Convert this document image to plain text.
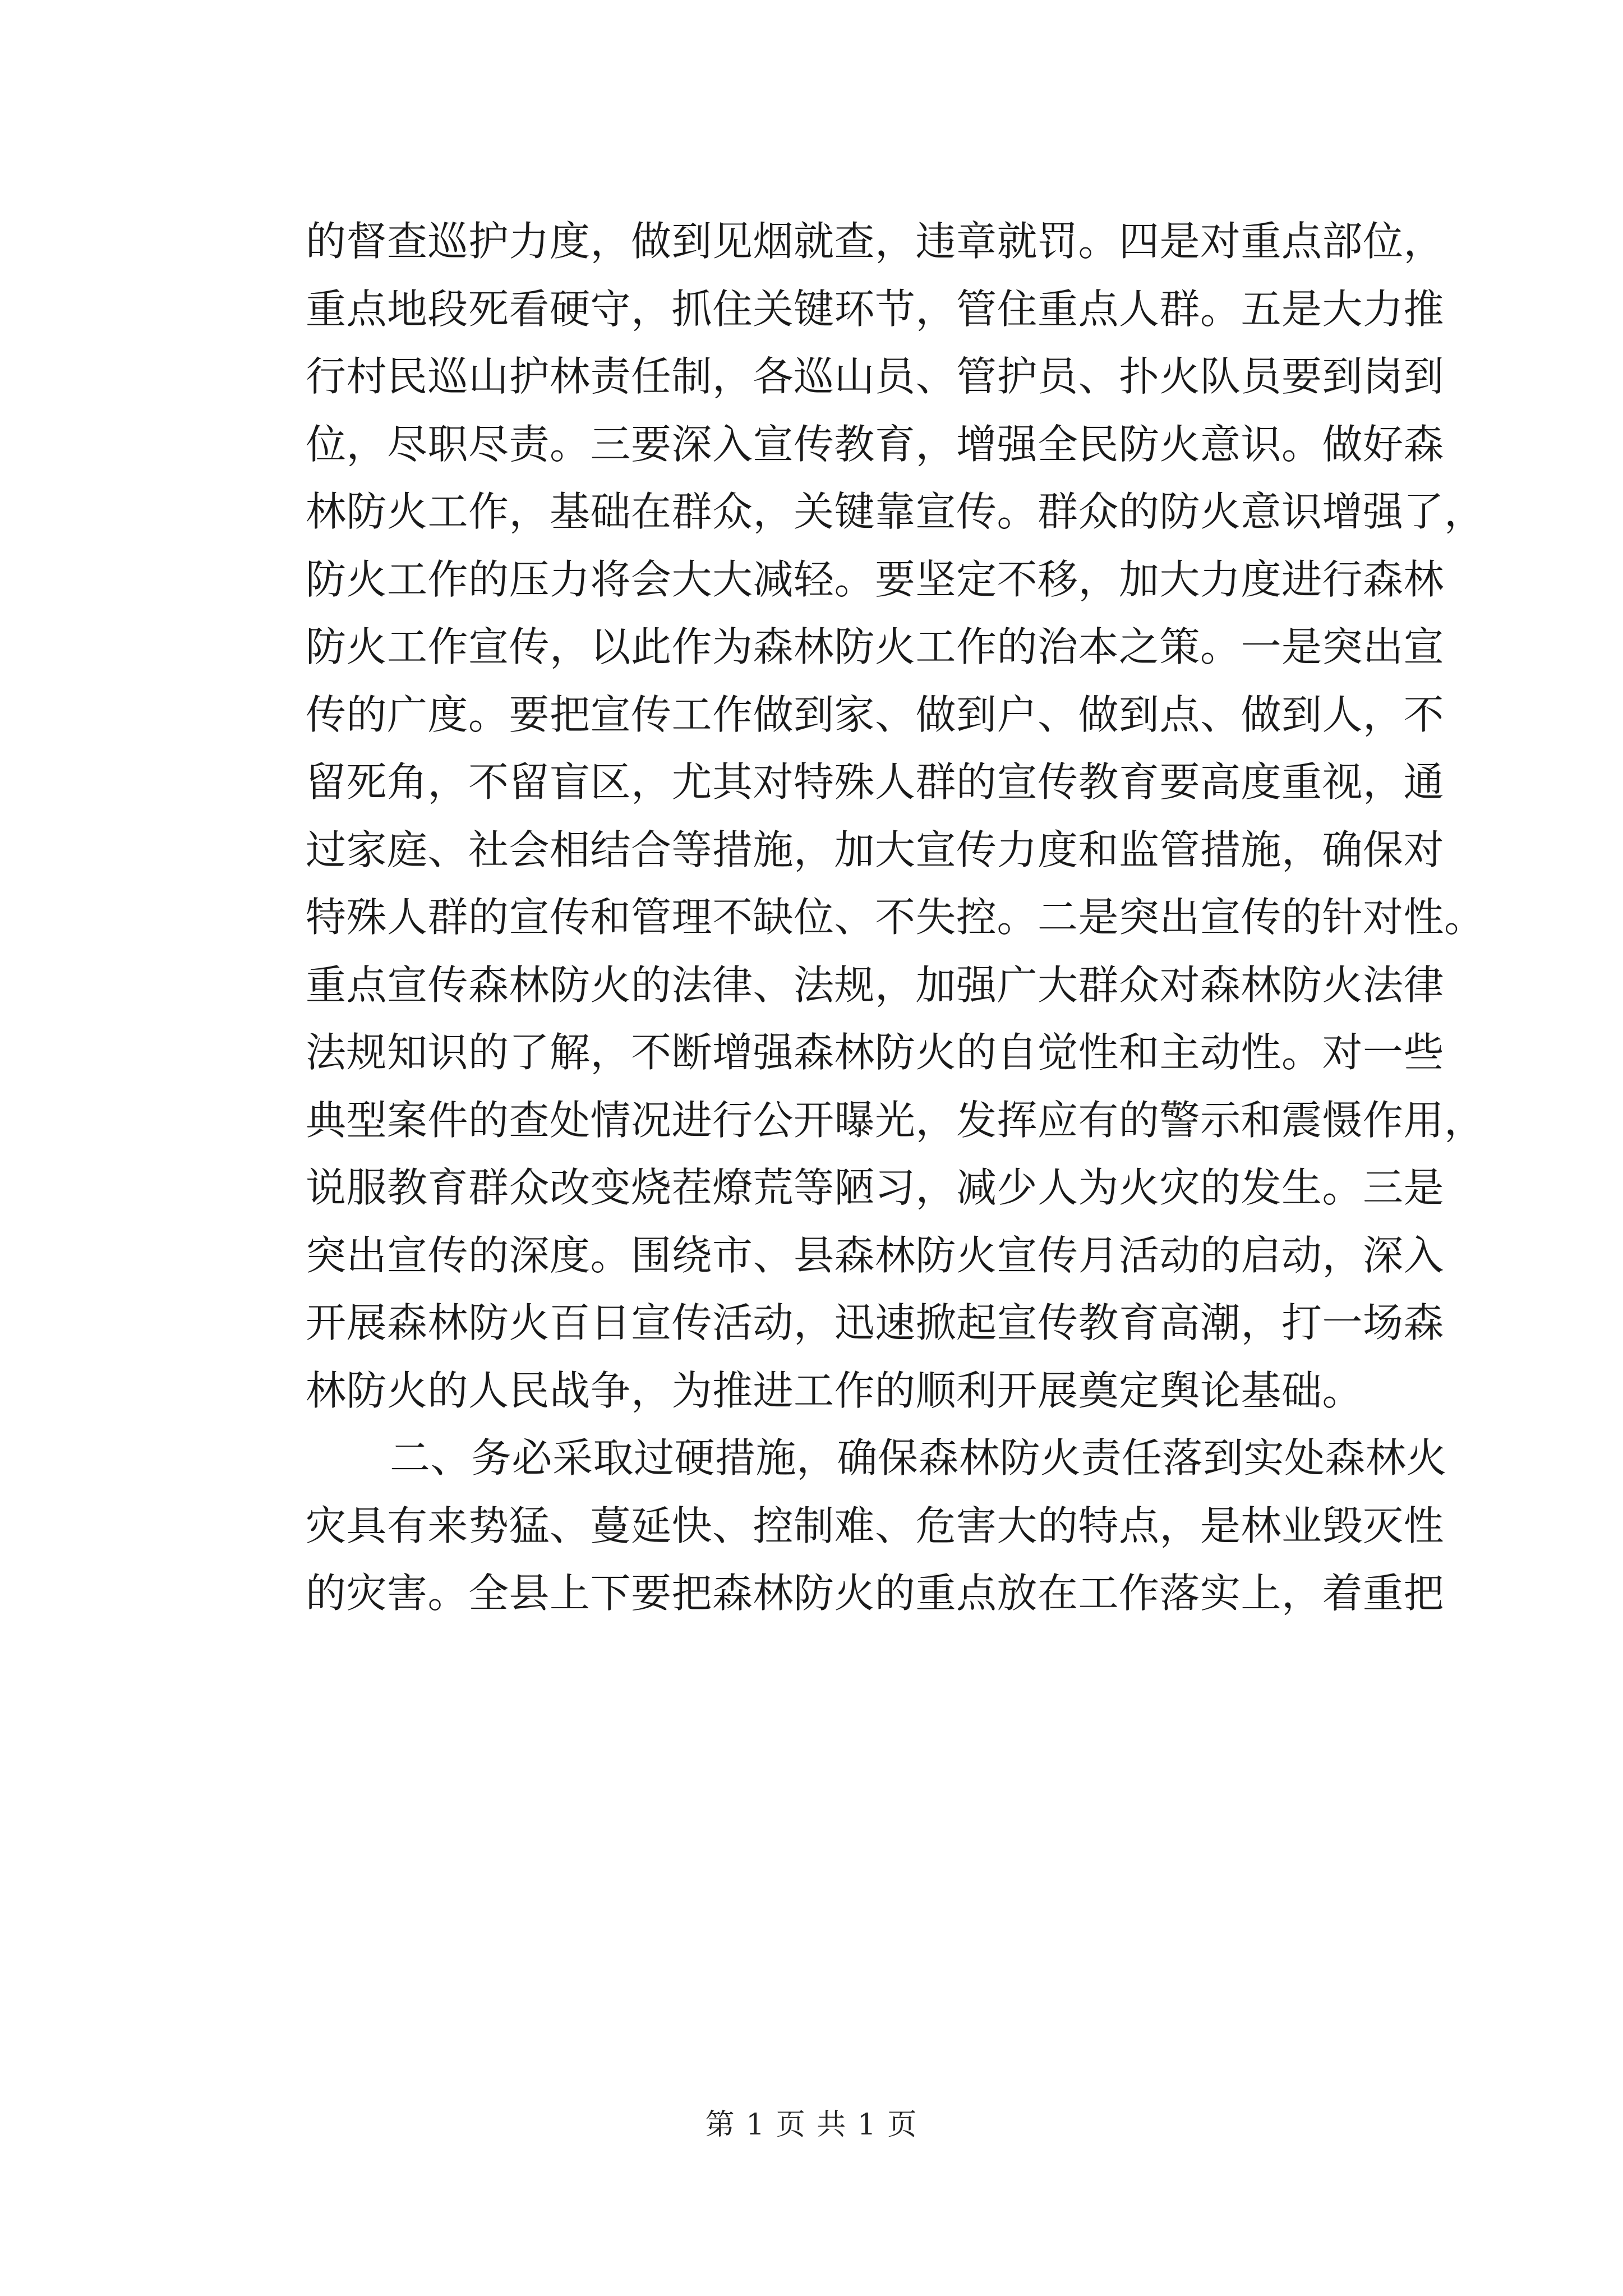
的督查巡护力度，做到见烟就查，违章就罚。四是对重点部位，
重点地段死看硬守，抓住关键环节，管住重点人群。五是大力推
行村民巡山护林责任制，各巡山员、管护员、扑火队员要到岗到
位，尽职尽责。三要深入宣传教育，增强全民防火意识。做好森
林防火工作，基础在群众，关键靠宣传。群众的防火意识增强了，
防火工作的压力将会大大减轻。要坚定不移，加大力度进行森林
防火工作宣传，以此作为森林防火工作的治本之策。一是突出宣
传的广度。要把宣传工作做到家、做到户、做到点、做到人，不
留死角，不留盲区，尤其对特殊人群的宣传教育要高度重视，通
过家庭、社会相结合等措施，加大宣传力度和监管措施，确保对
特殊人群的宣传和管理不缺位、不失控。二是突出宣传的针对性。
重点宣传森林防火的法律、法规，加强广大群众对森林防火法律
法规知识的了解，不断增强森林防火的自觉性和主动性。对一些
典型案件的查处情况进行公开曝光，发挥应有的警示和震慑作用，
说服教育群众改变烧茬燎荒等陋习，减少人为火灾的发生。三是
突出宣传的深度。围绕市、县森林防火宣传月活动的启动，深入
开展森林防火百日宣传活动，迅速掀起宣传教育高潮，打一场森
林防火的人民战争，为推进工作的顺利开展奠定舆论基础。
二、务必采取过硬措施，确保森林防火责任落到实处森林火
灾具有来势猛、蔓延快、控制难、危害大的特点，是林业毁灭性
的灾害。全县上下要把森林防火的重点放在工作落实上，着重把
第 1 页 共 1 页
